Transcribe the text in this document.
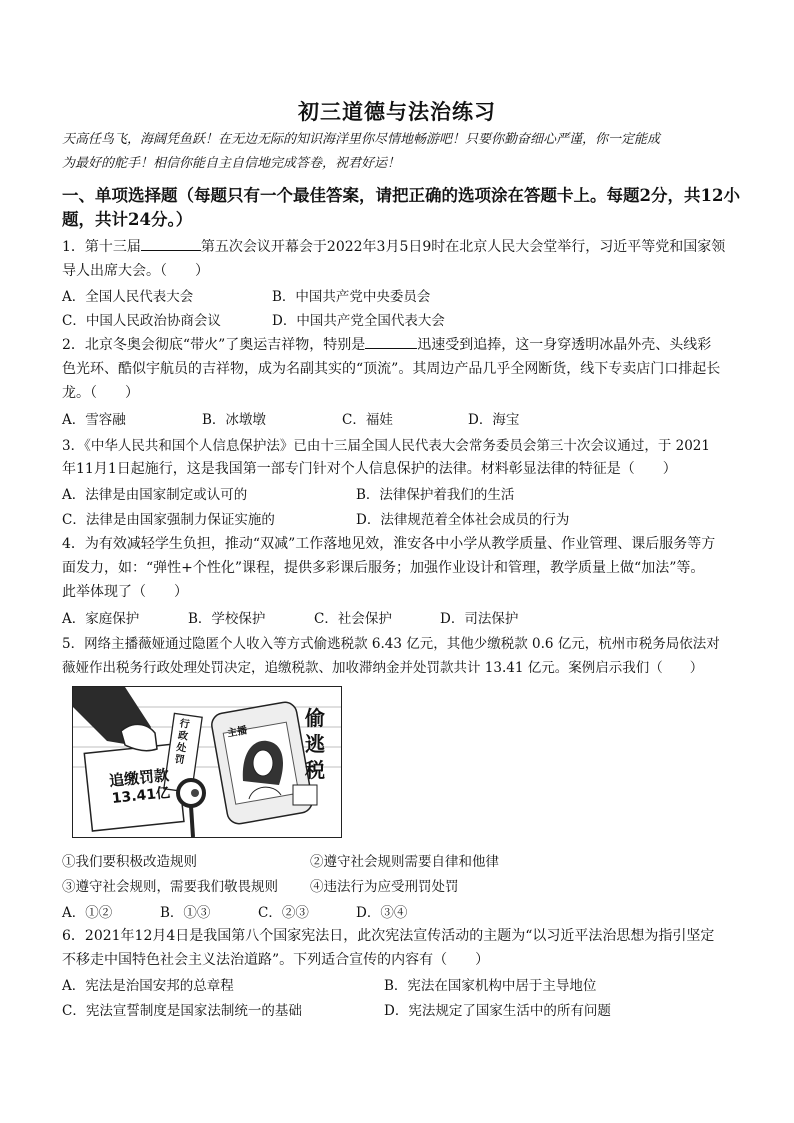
初三道德与法治练习
天高任鸟飞，海阔凭鱼跃！在无边无际的知识海洋里你尽情地畅游吧！只要你勤奋细心严谨，你一定能成
为最好的舵手！相信你能自主自信地完成答卷，祝君好运！
一、单项选择题（每题只有一个最佳答案，请把正确的选项涂在答题卡上。每题2分，共12小
题，共计24分。）
1．第十三届	第五次会议开幕会于2022年3月5日9时在北京人民大会堂举行，习近平等党和国家领
导人出席大会。（　　）
A．全国人民代表大会	B．中国共产党中央委员会
C．中国人民政治协商会议	D．中国共产党全国代表大会
2．北京冬奥会彻底“带火”了奥运吉祥物，特别是	迅速受到追捧，这一身穿透明冰晶外壳、头线彩
色光环、酷似宇航员的吉祥物，成为名副其实的“顶流”。其周边产品几乎全网断货，线下专卖店门口排起长
龙。（　　）
A．雪容融	B．冰墩墩	C．福娃	D．海宝
3．《中华人民共和国个人信息保护法》已由十三届全国人民代表大会常务委员会第三十次会议通过，于 2021
年11月1日起施行，这是我国第一部专门针对个人信息保护的法律。材料彰显法律的特征是（　　）
A．法律是由国家制定或认可的	B．法律保护着我们的生活
C．法律是由国家强制力保证实施的	D．法律规范着全体社会成员的行为
4．为有效减轻学生负担，推动“双减”工作落地见效，淮安各中小学从教学质量、作业管理、课后服务等方
面发力，如：“弹性+个性化”课程，提供多彩课后服务；加强作业设计和管理，教学质量上做“加法”等。
此举体现了（　　）
A．家庭保护	B．学校保护	C．社会保护	D．司法保护
5．网络主播薇娅通过隐匿个人收入等方式偷逃税款 6.43 亿元，其他少缴税款 0.6 亿元，杭州市税务局依法对
薇娅作出税务行政处理处罚决定，追缴税款、加收滞纳金并处罚款共计 13.41 亿元。案例启示我们（　　）
追缴罚款
13.41亿
行政处罚
主播
偷逃税
①我们要积极改造规则	②遵守社会规则需要自律和他律
③遵守社会规则，需要我们敬畏规则 ④违法行为应受刑罚处罚
A．①②	B．①③	C．②③	D．③④
6．2021年12月4日是我国第八个国家宪法日，此次宪法宣传活动的主题为“以习近平法治思想为指引坚定
不移走中国特色社会主义法治道路”。下列适合宣传的内容有（　　）
A．宪法是治国安邦的总章程	B．宪法在国家机构中居于主导地位
C．宪法宣誓制度是国家法制统一的基础	D．宪法规定了国家生活中的所有问题
